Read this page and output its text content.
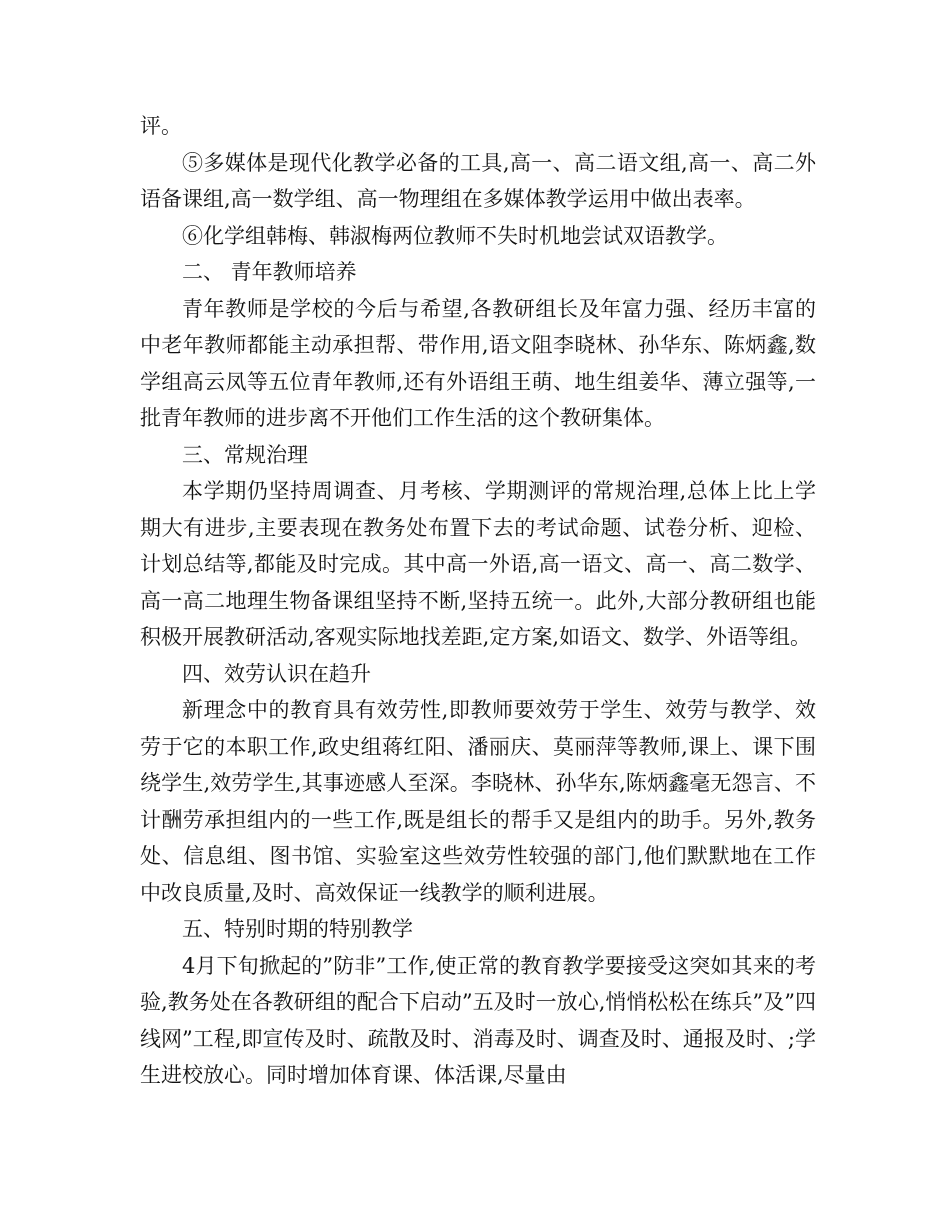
评。

⑤多媒体是现代化教学必备的工具,高一、高二语文组,高一、高二外语备课组,高一数学组、高一物理组在多媒体教学运用中做出表率。

⑥化学组韩梅、韩淑梅两位教师不失时机地尝试双语教学。

二、 青年教师培养

青年教师是学校的今后与希望,各教研组长及年富力强、经历丰富的中老年教师都能主动承担帮、带作用,语文阻李晓林、孙华东、陈炳鑫,数学组高云凤等五位青年教师,还有外语组王萌、地生组姜华、薄立强等,一批青年教师的进步离不开他们工作生活的这个教研集体。

三、常规治理

本学期仍坚持周调查、月考核、学期测评的常规治理,总体上比上学期大有进步,主要表现在教务处布置下去的考试命题、试卷分析、迎检、计划总结等,都能及时完成。其中高一外语,高一语文、高一、高二数学、高一高二地理生物备课组坚持不断,坚持五统一。此外,大部分教研组也能积极开展教研活动,客观实际地找差距,定方案,如语文、数学、外语等组。

四、效劳认识在趋升

新理念中的教育具有效劳性,即教师要效劳于学生、效劳与教学、效劳于它的本职工作,政史组蒋红阳、潘丽庆、莫丽萍等教师,课上、课下围绕学生,效劳学生,其事迹感人至深。李晓林、孙华东,陈炳鑫毫无怨言、不计酬劳承担组内的一些工作,既是组长的帮手又是组内的助手。另外,教务处、信息组、图书馆、实验室这些效劳性较强的部门,他们默默地在工作中改良质量,及时、高效保证一线教学的顺利进展。

五、特别时期的特别教学

4月下旬掀起的”防非”工作,使正常的教育教学要接受这突如其来的考验,教务处在各教研组的配合下启动”五及时一放心,悄悄松松在练兵”及”四线网”工程,即宣传及时、疏散及时、消毒及时、调查及时、通报及时、;学生进校放心。同时增加体育课、体活课,尽量由
